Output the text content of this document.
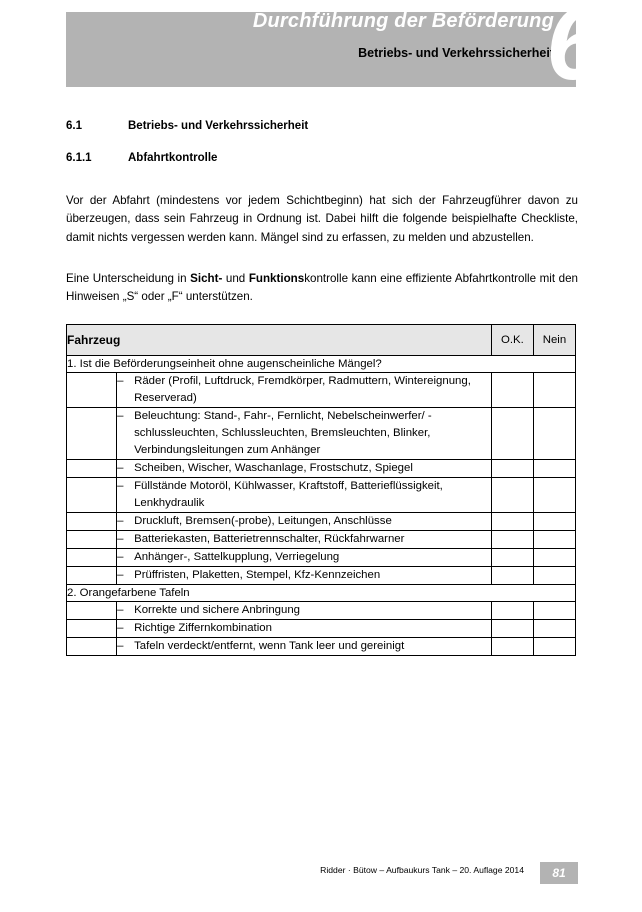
Durchführung der Beförderung
Betriebs- und Verkehrssicherheit
6
6.1	Betriebs- und Verkehrssicherheit
6.1.1	Abfahrtkontrolle
Vor der Abfahrt (mindestens vor jedem Schichtbeginn) hat sich der Fahrzeugführer davon zu überzeugen, dass sein Fahrzeug in Ordnung ist. Dabei hilft die folgende beispielhafte Checkliste, damit nichts vergessen werden kann. Mängel sind zu erfassen, zu melden und abzustellen.
Eine Unterscheidung in Sicht- und Funktionskontrolle kann eine effiziente Abfahrtkontrolle mit den Hinweisen „S“ oder „F“ unterstützen.
Fahrzeug		O.K.	Nein
1. Ist die Beförderungseinheit ohne augenscheinliche Mängel?			
	– Räder (Profil, Luftdruck, Fremdkörper, Radmuttern, Wintereignung, Reserverad)		
	– Beleuchtung: Stand-, Fahr-, Fernlicht, Nebelscheinwerfer/ -schlussleuchten, Schlussleuchten, Bremsleuchten, Blinker, Verbindungsleitungen zum Anhänger		
	– Scheiben, Wischer, Waschanlage, Frostschutz, Spiegel		
	– Füllstände Motoröl, Kühlwasser, Kraftstoff, Batterieflüssigkeit, Lenkhydraulik		
	– Druckluft, Bremsen(-probe), Leitungen, Anschlüsse		
	– Batteriekasten, Batterietrennschalter, Rückfahrwarner		
	– Anhänger-, Sattelkupplung, Verriegelung		
	– Prüffristen, Plaketten, Stempel, Kfz-Kennzeichen		
2. Orangefarbene Tafeln			
	– Korrekte und sichere Anbringung		
	– Richtige Ziffernkombination		
	– Tafeln verdeckt/entfernt, wenn Tank leer und gereinigt		
Ridder · Bütow – Aufbaukurs Tank – 20. Auflage 2014	81
